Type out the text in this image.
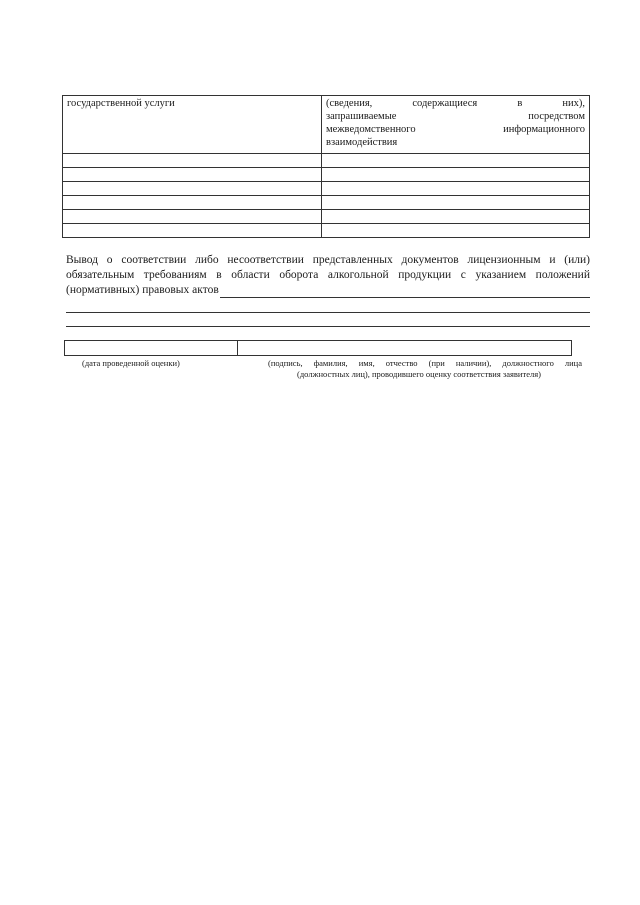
государственной услуги	(сведения, содержащиеся в них),
запрашиваемые посредством
межведомственного информационного
взаимодействия

Вывод о соответствии либо несоответствии представленных документов лицензионным и (или)
обязательным требованиям в области оборота алкогольной продукции с указанием положений
(нормативных) правовых актов

(дата проведенной оценки)	(подпись, фамилия, имя, отчество (при наличии), должностного лица
(должностных лиц), проводившего оценку соответствия заявителя)
